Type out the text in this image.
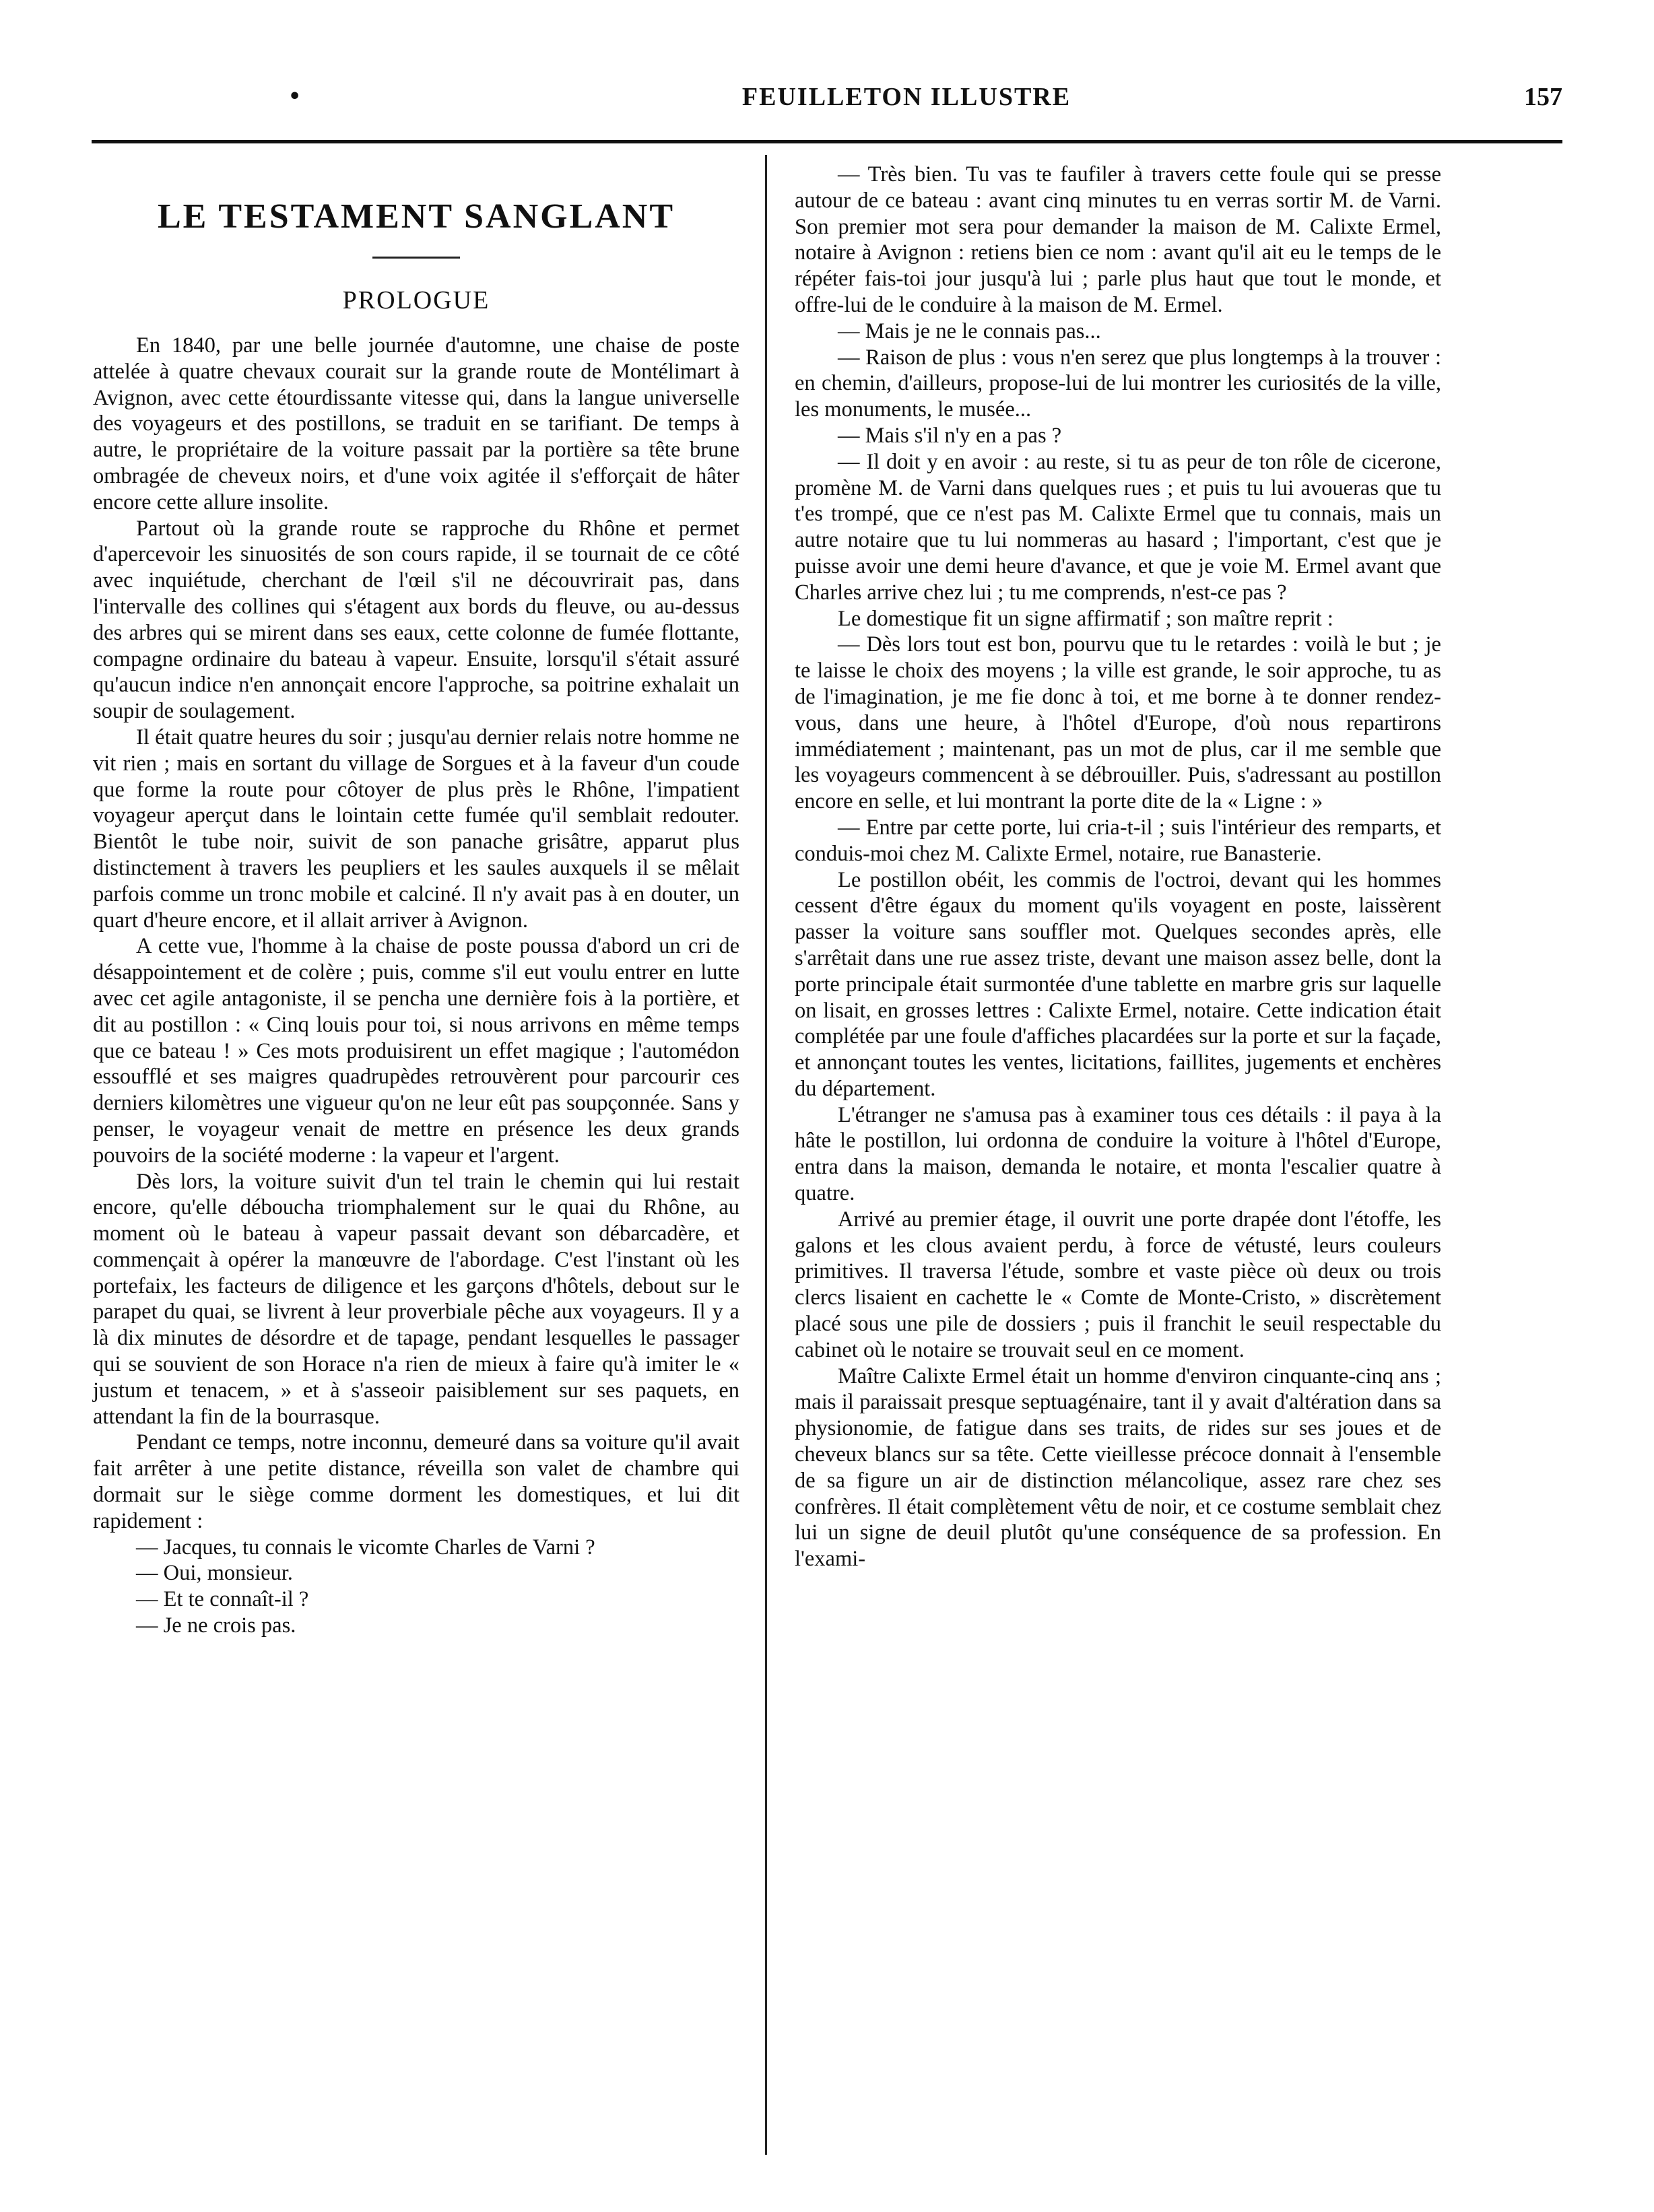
•	FEUILLETON ILLUSTRE	157
LE TESTAMENT SANGLANT
PROLOGUE

En 1840, par une belle journée d'automne, une chaise de poste attelée à quatre chevaux courait sur la grande route de Montélimart à Avignon, avec cette étourdissante vitesse qui, dans la langue universelle des voyageurs et des postillons, se traduit en se tarifiant. De temps à autre, le propriétaire de la voiture passait par la portière sa tête brune ombragée de cheveux noirs, et d'une voix agitée il s'efforçait de hâter encore cette allure insolite.

Partout où la grande route se rapproche du Rhône et permet d'apercevoir les sinuosités de son cours rapide, il se tournait de ce côté avec inquiétude, cherchant de l'œil s'il ne découvrirait pas, dans l'intervalle des collines qui s'étagent aux bords du fleuve, ou au-dessus des arbres qui se mirent dans ses eaux, cette colonne de fumée flottante, compagne ordinaire du bateau à vapeur. Ensuite, lorsqu'il s'était assuré qu'aucun indice n'en annonçait encore l'approche, sa poitrine exhalait un soupir de soulagement.

Il était quatre heures du soir ; jusqu'au dernier relais notre homme ne vit rien ; mais en sortant du village de Sorgues et à la faveur d'un coude que forme la route pour côtoyer de plus près le Rhône, l'impatient voyageur aperçut dans le lointain cette fumée qu'il semblait redouter. Bientôt le tube noir, suivit de son panache grisâtre, apparut plus distinctement à travers les peupliers et les saules auxquels il se mêlait parfois comme un tronc mobile et calciné. Il n'y avait pas à en douter, un quart d'heure encore, et il allait arriver à Avignon.

A cette vue, l'homme à la chaise de poste poussa d'abord un cri de désappointement et de colère ; puis, comme s'il eut voulu entrer en lutte avec cet agile antagoniste, il se pencha une dernière fois à la portière, et dit au postillon : « Cinq louis pour toi, si nous arrivons en même temps que ce bateau ! » Ces mots produisirent un effet magique ; l'automédon essoufflé et ses maigres quadrupèdes retrouvèrent pour parcourir ces derniers kilomètres une vigueur qu'on ne leur eût pas soupçonnée. Sans y penser, le voyageur venait de mettre en présence les deux grands pouvoirs de la société moderne : la vapeur et l'argent.

Dès lors, la voiture suivit d'un tel train le chemin qui lui restait encore, qu'elle déboucha triomphalement sur le quai du Rhône, au moment où le bateau à vapeur passait devant son débarcadère, et commençait à opérer la manœuvre de l'abordage. C'est l'instant où les portefaix, les facteurs de diligence et les garçons d'hôtels, debout sur le parapet du quai, se livrent à leur proverbiale pêche aux voyageurs. Il y a là dix minutes de désordre et de tapage, pendant lesquelles le passager qui se souvient de son Horace n'a rien de mieux à faire qu'à imiter le « justum et tenacem, » et à s'asseoir paisiblement sur ses paquets, en attendant la fin de la bourrasque.

Pendant ce temps, notre inconnu, demeuré dans sa voiture qu'il avait fait arrêter à une petite distance, réveilla son valet de chambre qui dormait sur le siège comme dorment les domestiques, et lui dit rapidement :

— Jacques, tu connais le vicomte Charles de Varni ?

— Oui, monsieur.

— Et te connaît-il ?

— Je ne crois pas.

— Très bien. Tu vas te faufiler à travers cette foule qui se presse autour de ce bateau : avant cinq minutes tu en verras sortir M. de Varni. Son premier mot sera pour demander la maison de M. Calixte Ermel, notaire à Avignon : retiens bien ce nom : avant qu'il ait eu le temps de le répéter fais-toi jour jusqu'à lui ; parle plus haut que tout le monde, et offre-lui de le conduire à la maison de M. Ermel.

— Mais je ne le connais pas...

— Raison de plus : vous n'en serez que plus longtemps à la trouver : en chemin, d'ailleurs, propose-lui de lui montrer les curiosités de la ville, les monuments, le musée...

— Mais s'il n'y en a pas ?

— Il doit y en avoir : au reste, si tu as peur de ton rôle de cicerone, promène M. de Varni dans quelques rues ; et puis tu lui avoueras que tu t'es trompé, que ce n'est pas M. Calixte Ermel que tu connais, mais un autre notaire que tu lui nommeras au hasard ; l'important, c'est que je puisse avoir une demi heure d'avance, et que je voie M. Ermel avant que Charles arrive chez lui ; tu me comprends, n'est-ce pas ?

Le domestique fit un signe affirmatif ; son maître reprit :

— Dès lors tout est bon, pourvu que tu le retardes : voilà le but ; je te laisse le choix des moyens ; la ville est grande, le soir approche, tu as de l'imagination, je me fie donc à toi, et me borne à te donner rendez-vous, dans une heure, à l'hôtel d'Europe, d'où nous repartirons immédiatement ; maintenant, pas un mot de plus, car il me semble que les voyageurs commencent à se débrouiller. Puis, s'adressant au postillon encore en selle, et lui montrant la porte dite de la « Ligne : »

— Entre par cette porte, lui cria-t-il ; suis l'intérieur des remparts, et conduis-moi chez M. Calixte Ermel, notaire, rue Banasterie.

Le postillon obéit, les commis de l'octroi, devant qui les hommes cessent d'être égaux du moment qu'ils voyagent en poste, laissèrent passer la voiture sans souffler mot. Quelques secondes après, elle s'arrêtait dans une rue assez triste, devant une maison assez belle, dont la porte principale était surmontée d'une tablette en marbre gris sur laquelle on lisait, en grosses lettres : Calixte Ermel, notaire. Cette indication était complétée par une foule d'affiches placardées sur la porte et sur la façade, et annonçant toutes les ventes, licitations, faillites, jugements et enchères du département.

L'étranger ne s'amusa pas à examiner tous ces détails : il paya à la hâte le postillon, lui ordonna de conduire la voiture à l'hôtel d'Europe, entra dans la maison, demanda le notaire, et monta l'escalier quatre à quatre.

Arrivé au premier étage, il ouvrit une porte drapée dont l'étoffe, les galons et les clous avaient perdu, à force de vétusté, leurs couleurs primitives. Il traversa l'étude, sombre et vaste pièce où deux ou trois clercs lisaient en cachette le « Comte de Monte-Cristo, » discrètement placé sous une pile de dossiers ; puis il franchit le seuil respectable du cabinet où le notaire se trouvait seul en ce moment.

Maître Calixte Ermel était un homme d'environ cinquante-cinq ans ; mais il paraissait presque septuagénaire, tant il y avait d'altération dans sa physionomie, de fatigue dans ses traits, de rides sur ses joues et de cheveux blancs sur sa tête. Cette vieillesse précoce donnait à l'ensemble de sa figure un air de distinction mélancolique, assez rare chez ses confrères. Il était complètement vêtu de noir, et ce costume semblait chez lui un signe de deuil plutôt qu'une conséquence de sa profession. En l'exami-
